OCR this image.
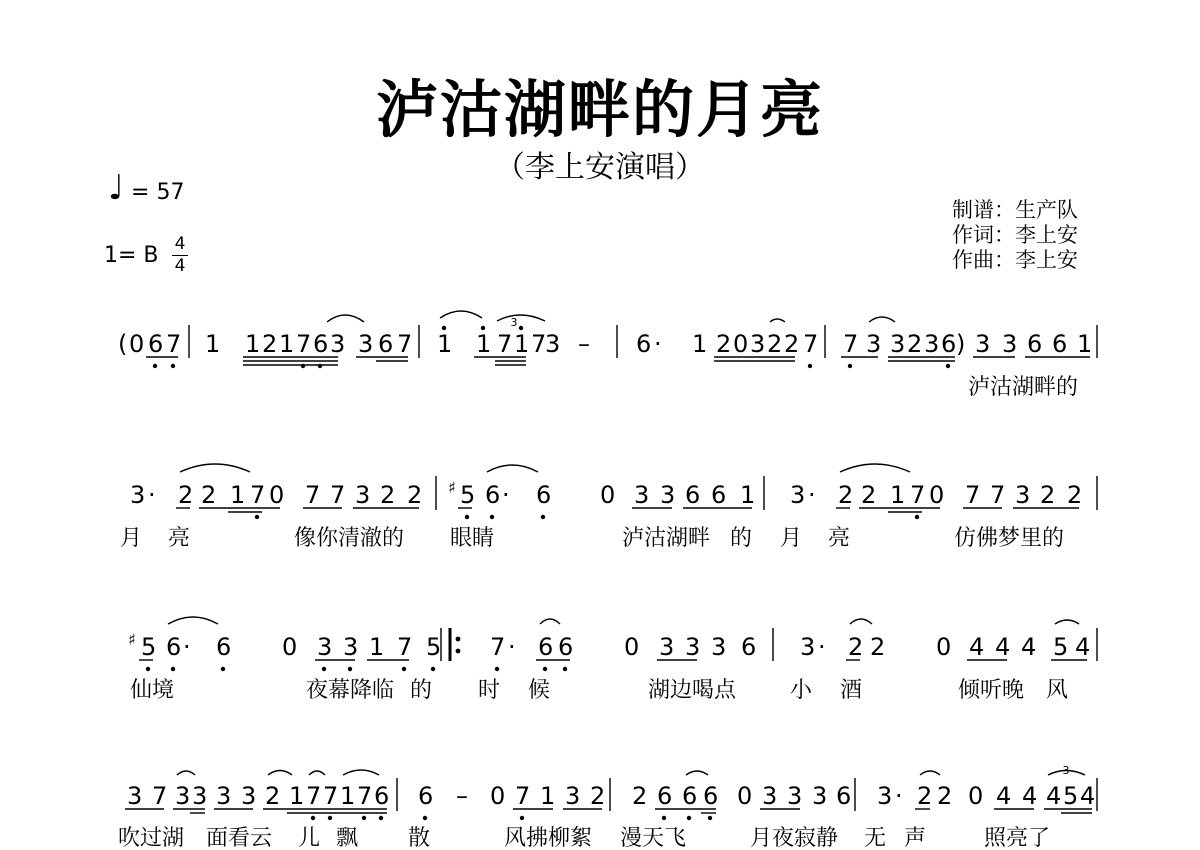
泸沽湖畔的月亮
（李上安演唱）
♩ = 57
1= B 4
4
制谱：生产队
作词：李上安
作曲：李上安
3
3
( 0 6 7 1 1 2 1 7 6 3 3 6 7 1 1 7 1 7
3 – 6 · 1 2 0 3 2 2 7 7 3 3 2 3 6 ) 3 3 6 6 1
泸沽湖畔的
3 · 2 2 1 7 0 7 7 3 2 2 ♯ 5 6 · 6 0 3 3 6 6 1 3 · 2 2 1 7 0 7 7 3 2 2
月 亮	像你清澈的 眼睛	泸沽湖畔 的 月 亮	仿佛梦里的
♯ 5 6 · 6 0 3 3 1 7 5 7 · 6 6 0 3 3 3 6 3 · 2 2 0 4 4 4 5 4
仙境	夜幕降临 的 时 候	湖边喝点 小 酒	倾听晚 风
3 7 3 3 3 3 2 1 7 7 1 7 6 6 – 0 7 1 3 2 2 6 6 6 0 3 3 3 6 3 · 2 2 0 4 4 4 5 4
吹过湖 面看云 儿 飘 散	风拂柳絮 漫天飞	月夜寂静 无 声	照亮了
